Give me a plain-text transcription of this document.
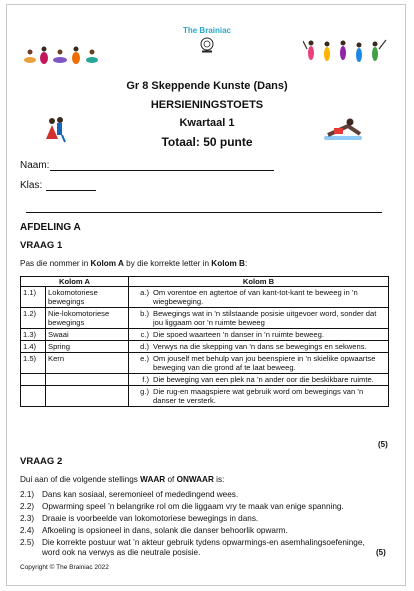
The Brainiac
Gr 8 Skeppende Kunste (Dans)
HERSIENINGSTOETS
Kwartaal 1
Totaal: 50 punte
Naam:
Klas:
AFDELING A
VRAAG 1
Pas die nommer in Kolom A by die korrekte letter in Kolom B:
Kolom A		Kolom B	
1.1)	Lokomotoriese bewegings	a.)	Om vorentoe en agtertoe of van kant-tot-kant te beweeg in ’n wiegbeweging.
1.2)	Nie-lokomotoriese bewegings	b.)	Bewegings wat in ’n stilstaande posisie uitgevoer word, sonder dat jou liggaam oor ’n ruimte beweeg
1.3)	Swaai	c.)	Die spoed waarteen ’n danser in ’n ruimte beweeg.
1.4)	Spring	d.)	Verwys na die skepping van ’n dans se bewegings en sekwens.
1.5)	Kern	e.)	Om jouself met behulp van jou beenspiere in ’n skielike opwaartse beweging van die grond af te laat beweeg.
		f.)	Die beweging van een plek na ’n ander oor die beskikbare ruimte.
		g.)	Die rug-en maagspiere wat gebruik word om bewegings van ’n danser te versterk.
(5)
VRAAG 2
Dui aan of die volgende stellings WAAR of ONWAAR is:
2.1) Dans kan sosiaal, seremonieel of mededingend wees.
2.2) Opwarming speel ’n belangrike rol om die liggaam vry te maak van enige spanning.
2.3) Draaie is voorbeelde van lokomotoriese bewegings in dans.
2.4) Afkoeling is opsioneel in dans, solank die danser behoorlik opwarm.
2.5) Die korrekte postuur wat ’n akteur gebruik tydens opwarmings-en asemhalingsoefeninge, word ook na verwys as die neutrale posisie.	(5)
Copyright © The Brainiac 2022
